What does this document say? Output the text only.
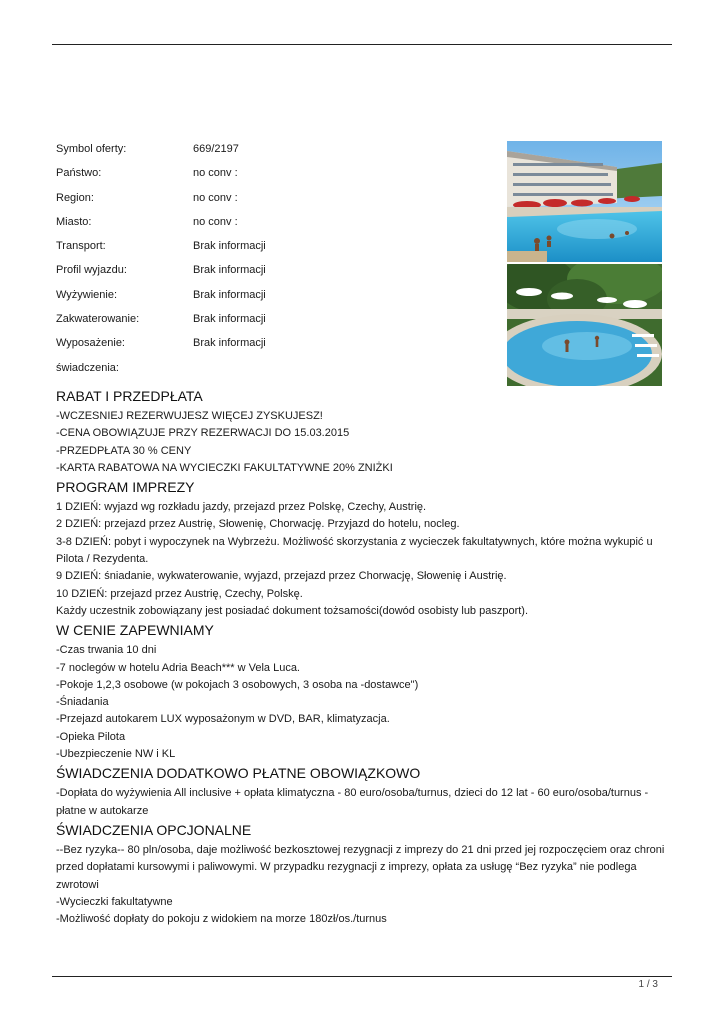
Symbol oferty:	669/2197
Państwo:	no conv :
Region:	no conv :
Miasto:	no conv :
Transport:	Brak informacji
Profil wyjazdu:	Brak informacji
Wyżywienie:	Brak informacji
Zakwaterowanie:	Brak informacji
Wyposażenie:	Brak informacji
świadczenia:
RABAT I PRZEDPŁATA

-WCZESNIEJ REZERWUJESZ WIĘCEJ ZYSKUJESZ!

-CENA OBOWIĄZUJE PRZY REZERWACJI DO 15.03.2015

-PRZEDPŁATA 30 % CENY

-KARTA RABATOWA NA WYCIECZKI FAKULTATYWNE 20% ZNIŻKI

PROGRAM IMPREZY

1 DZIEŃ: wyjazd wg rozkładu jazdy, przejazd przez Polskę, Czechy, Austrię.

2 DZIEŃ: przejazd przez Austrię, Słowenię, Chorwację. Przyjazd do hotelu, nocleg.

3-8 DZIEŃ: pobyt i wypoczynek na Wybrzeżu. Możliwość skorzystania z wycieczek fakultatywnych, które można wykupić u

Pilota / Rezydenta.

9 DZIEŃ: śniadanie, wykwaterowanie, wyjazd, przejazd przez Chorwację, Słowenię i Austrię.

10 DZIEŃ: przejazd przez Austrię, Czechy, Polskę.

Każdy uczestnik zobowiązany jest posiadać dokument tożsamości(dowód osobisty lub paszport).

W CENIE ZAPEWNIAMY

-Czas trwania 10 dni

-7 noclegów w hotelu Adria Beach*** w Vela Luca.

-Pokoje 1,2,3 osobowe (w pokojach 3 osobowych, 3 osoba na -dostawce")

-Śniadania

-Przejazd autokarem LUX wyposażonym w DVD, BAR, klimatyzacja.

-Opieka Pilota

-Ubezpieczenie NW i KL

ŚWIADCZENIA DODATKOWO PŁATNE OBOWIĄZKOWO

-Dopłata do wyżywienia All inclusive + opłata klimatyczna - 80 euro/osoba/turnus, dzieci do 12 lat - 60 euro/osoba/turnus -

płatne w autokarze

ŚWIADCZENIA OPCJONALNE

--Bez ryzyka-- 80 pln/osoba, daje możliwość bezkosztowej rezygnacji z imprezy do 21 dni przed jej rozpoczęciem oraz chroni

przed dopłatami kursowymi i paliwowymi. W przypadku rezygnacji z imprezy, opłata za usługę “Bez ryzyka” nie podlega

zwrotowi

-Wycieczki fakultatywne

-Możliwość dopłaty do pokoju z widokiem na morze 180zł/os./turnus

1 / 3
